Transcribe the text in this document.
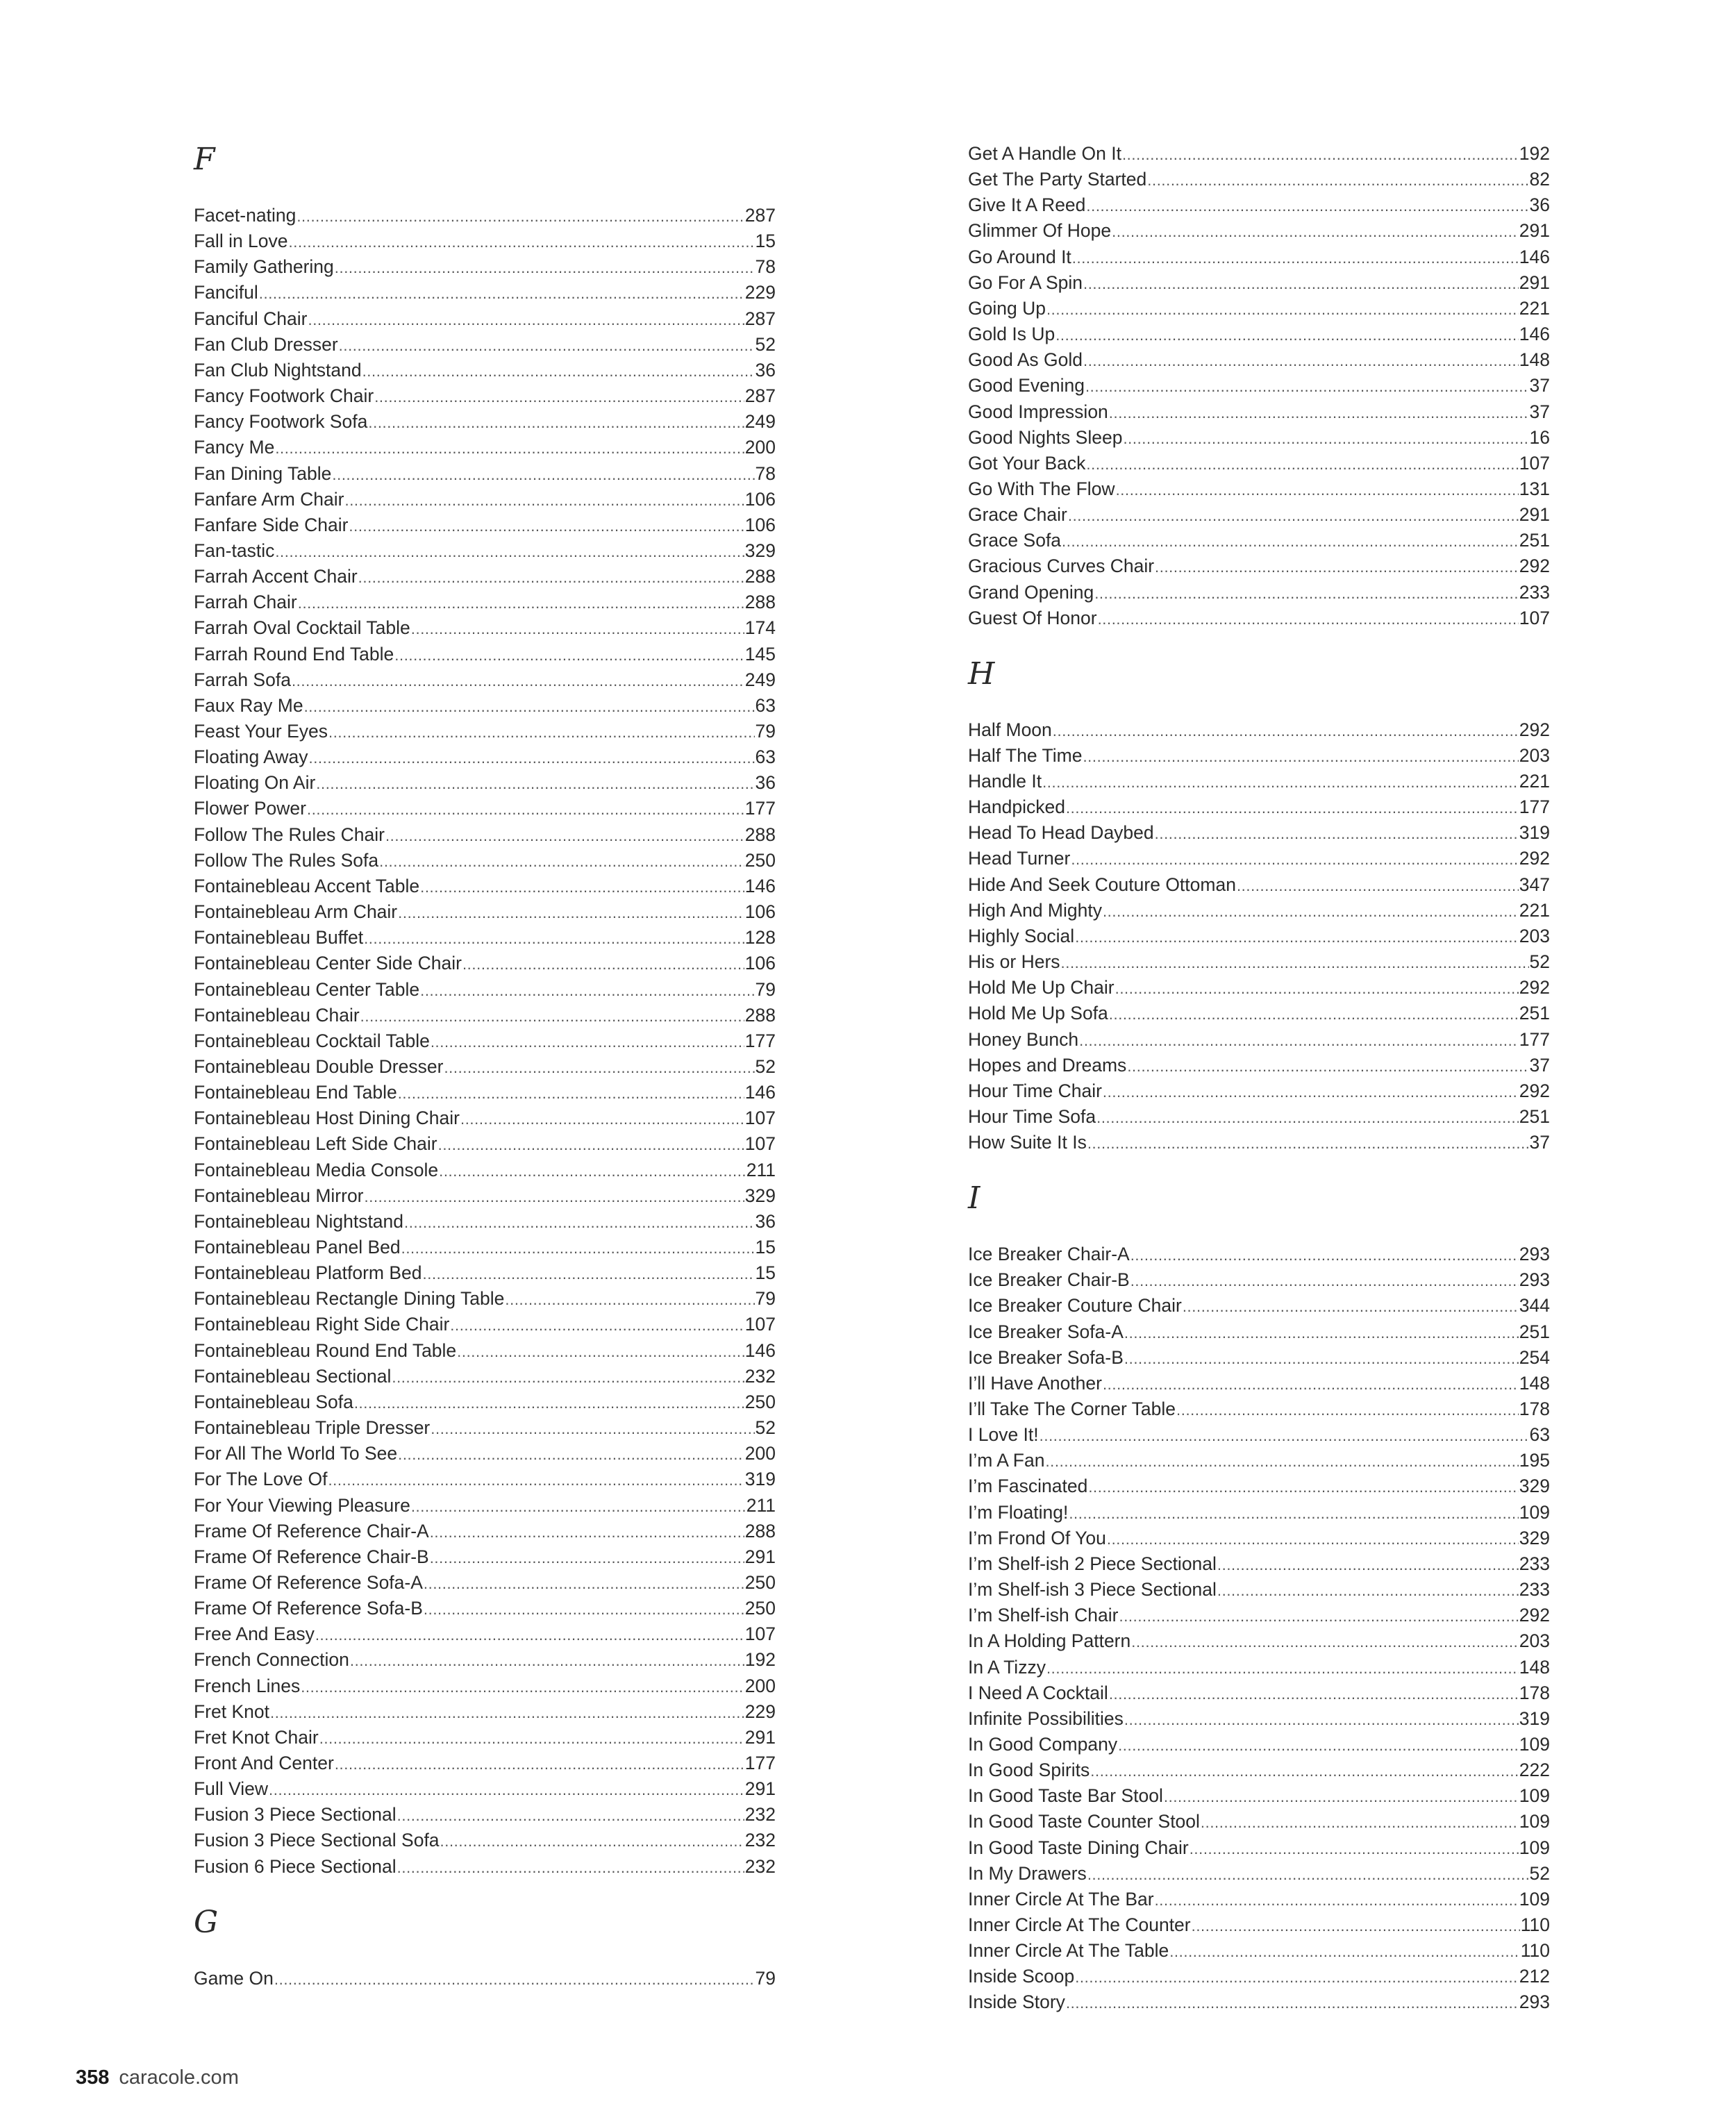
F
Facet-nating .....	287
Fall in Love .....	15
Family Gathering .....	78
Fanciful .....	229
Fanciful Chair .....	287
Fan Club Dresser .....	52
Fan Club Nightstand .....	36
Fancy Footwork Chair .....	287
Fancy Footwork Sofa .....	249
Fancy Me .....	200
Fan Dining Table .....	78
Fanfare Arm Chair .....	106
Fanfare Side Chair .....	106
Fan-tastic .....	329
Farrah Accent Chair .....	288
Farrah Chair .....	288
Farrah Oval Cocktail Table .....	174
Farrah Round End Table .....	145
Farrah Sofa .....	249
Faux Ray Me .....	63
Feast Your Eyes .....	79
Floating Away .....	63
Floating On Air .....	36
Flower Power .....	177
Follow The Rules Chair .....	288
Follow The Rules Sofa .....	250
Fontainebleau Accent Table .....	146
Fontainebleau Arm Chair .....	106
Fontainebleau Buffet .....	128
Fontainebleau Center Side Chair .....	106
Fontainebleau Center Table .....	79
Fontainebleau Chair .....	288
Fontainebleau Cocktail Table .....	177
Fontainebleau Double Dresser .....	52
Fontainebleau End Table .....	146
Fontainebleau Host Dining Chair .....	107
Fontainebleau Left Side Chair .....	107
Fontainebleau Media Console .....	211
Fontainebleau Mirror .....	329
Fontainebleau Nightstand .....	36
Fontainebleau Panel Bed .....	15
Fontainebleau Platform Bed .....	15
Fontainebleau Rectangle Dining Table .....	79
Fontainebleau Right Side Chair .....	107
Fontainebleau Round End Table .....	146
Fontainebleau Sectional .....	232
Fontainebleau Sofa .....	250
Fontainebleau Triple Dresser .....	52
For All The World To See .....	200
For The Love Of .....	319
For Your Viewing Pleasure .....	211
Frame Of Reference Chair-A .....	288
Frame Of Reference Chair-B .....	291
Frame Of Reference Sofa-A .....	250
Frame Of Reference Sofa-B .....	250
Free And Easy .....	107
French Connection .....	192
French Lines .....	200
Fret Knot .....	229
Fret Knot Chair .....	291
Front And Center .....	177
Full View .....	291
Fusion 3 Piece Sectional .....	232
Fusion 3 Piece Sectional Sofa .....	232
Fusion 6 Piece Sectional .....	232
G
Game On .....	79
Get A Handle On It .....	192
Get The Party Started .....	82
Give It A Reed .....	36
Glimmer Of Hope .....	291
Go Around It .....	146
Go For A Spin .....	291
Going Up .....	221
Gold Is Up .....	146
Good As Gold .....	148
Good Evening .....	37
Good Impression .....	37
Good Nights Sleep .....	16
Got Your Back .....	107
Go With The Flow .....	131
Grace Chair .....	291
Grace Sofa .....	251
Gracious Curves Chair .....	292
Grand Opening .....	233
Guest Of Honor .....	107
H
Half Moon .....	292
Half The Time .....	203
Handle It .....	221
Handpicked .....	177
Head To Head Daybed .....	319
Head Turner .....	292
Hide And Seek Couture Ottoman .....	347
High And Mighty .....	221
Highly Social .....	203
His or Hers .....	52
Hold Me Up Chair .....	292
Hold Me Up Sofa .....	251
Honey Bunch .....	177
Hopes and Dreams .....	37
Hour Time Chair .....	292
Hour Time Sofa .....	251
How Suite It Is .....	37
I
Ice Breaker Chair-A .....	293
Ice Breaker Chair-B .....	293
Ice Breaker Couture Chair .....	344
Ice Breaker Sofa-A .....	251
Ice Breaker Sofa-B .....	254
I’ll Have Another .....	148
I’ll Take The Corner Table .....	178
I Love It! .....	63
I’m A Fan .....	195
I’m Fascinated .....	329
I’m Floating! .....	109
I’m Frond Of You .....	329
I’m Shelf-ish 2 Piece Sectional .....	233
I’m Shelf-ish 3 Piece Sectional .....	233
I’m Shelf-ish Chair .....	292
In A Holding Pattern .....	203
In A Tizzy .....	148
I Need A Cocktail .....	178
Infinite Possibilities .....	319
In Good Company .....	109
In Good Spirits .....	222
In Good Taste Bar Stool .....	109
In Good Taste Counter Stool .....	109
In Good Taste Dining Chair .....	109
In My Drawers .....	52
Inner Circle At The Bar .....	109
Inner Circle At The Counter .....	110
Inner Circle At The Table .....	110
Inside Scoop .....	212
Inside Story .....	293
358 caracole.com
